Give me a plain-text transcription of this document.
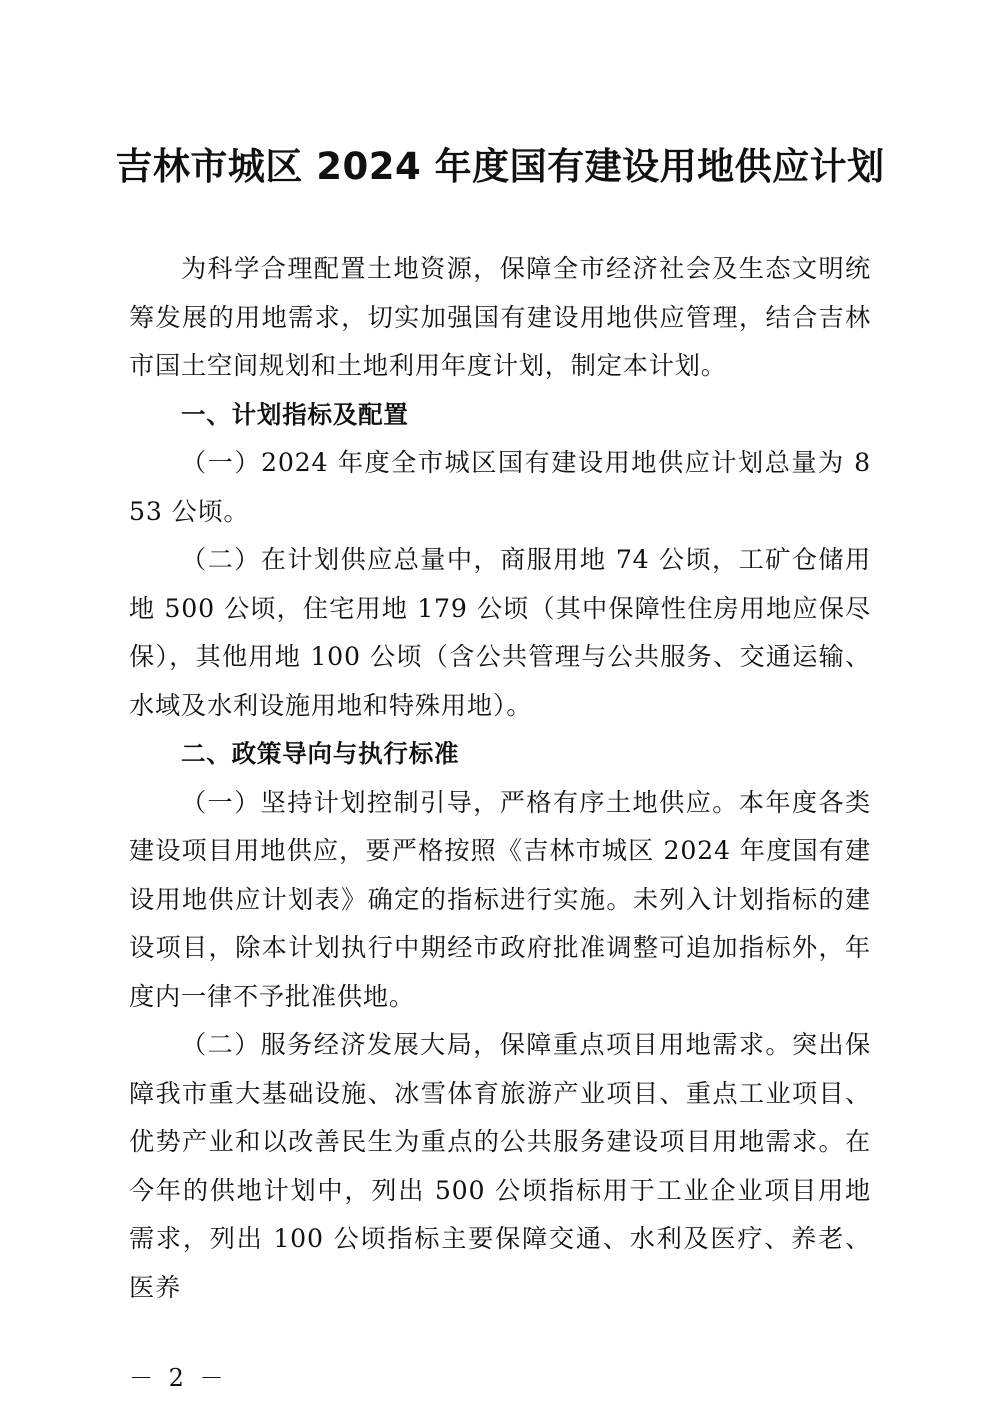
吉林市城区 2024 年度国有建设用地供应计划

为科学合理配置土地资源，保障全市经济社会及生态文明统筹发展的用地需求，切实加强国有建设用地供应管理，结合吉林市国土空间规划和土地利用年度计划，制定本计划。

一、计划指标及配置

（一）2024 年度全市城区国有建设用地供应计划总量为 853 公顷。

（二）在计划供应总量中，商服用地 74 公顷，工矿仓储用地 500 公顷，住宅用地 179 公顷（其中保障性住房用地应保尽保），其他用地 100 公顷（含公共管理与公共服务、交通运输、水域及水利设施用地和特殊用地）。

二、政策导向与执行标准

（一）坚持计划控制引导，严格有序土地供应。本年度各类建设项目用地供应，要严格按照《吉林市城区 2024 年度国有建设用地供应计划表》确定的指标进行实施。未列入计划指标的建设项目，除本计划执行中期经市政府批准调整可追加指标外，年度内一律不予批准供地。

（二）服务经济发展大局，保障重点项目用地需求。突出保障我市重大基础设施、冰雪体育旅游产业项目、重点工业项目、优势产业和以改善民生为重点的公共服务建设项目用地需求。在今年的供地计划中，列出 500 公顷指标用于工业企业项目用地需求，列出 100 公顷指标主要保障交通、水利及医疗、养老、医养

－ 2 －
